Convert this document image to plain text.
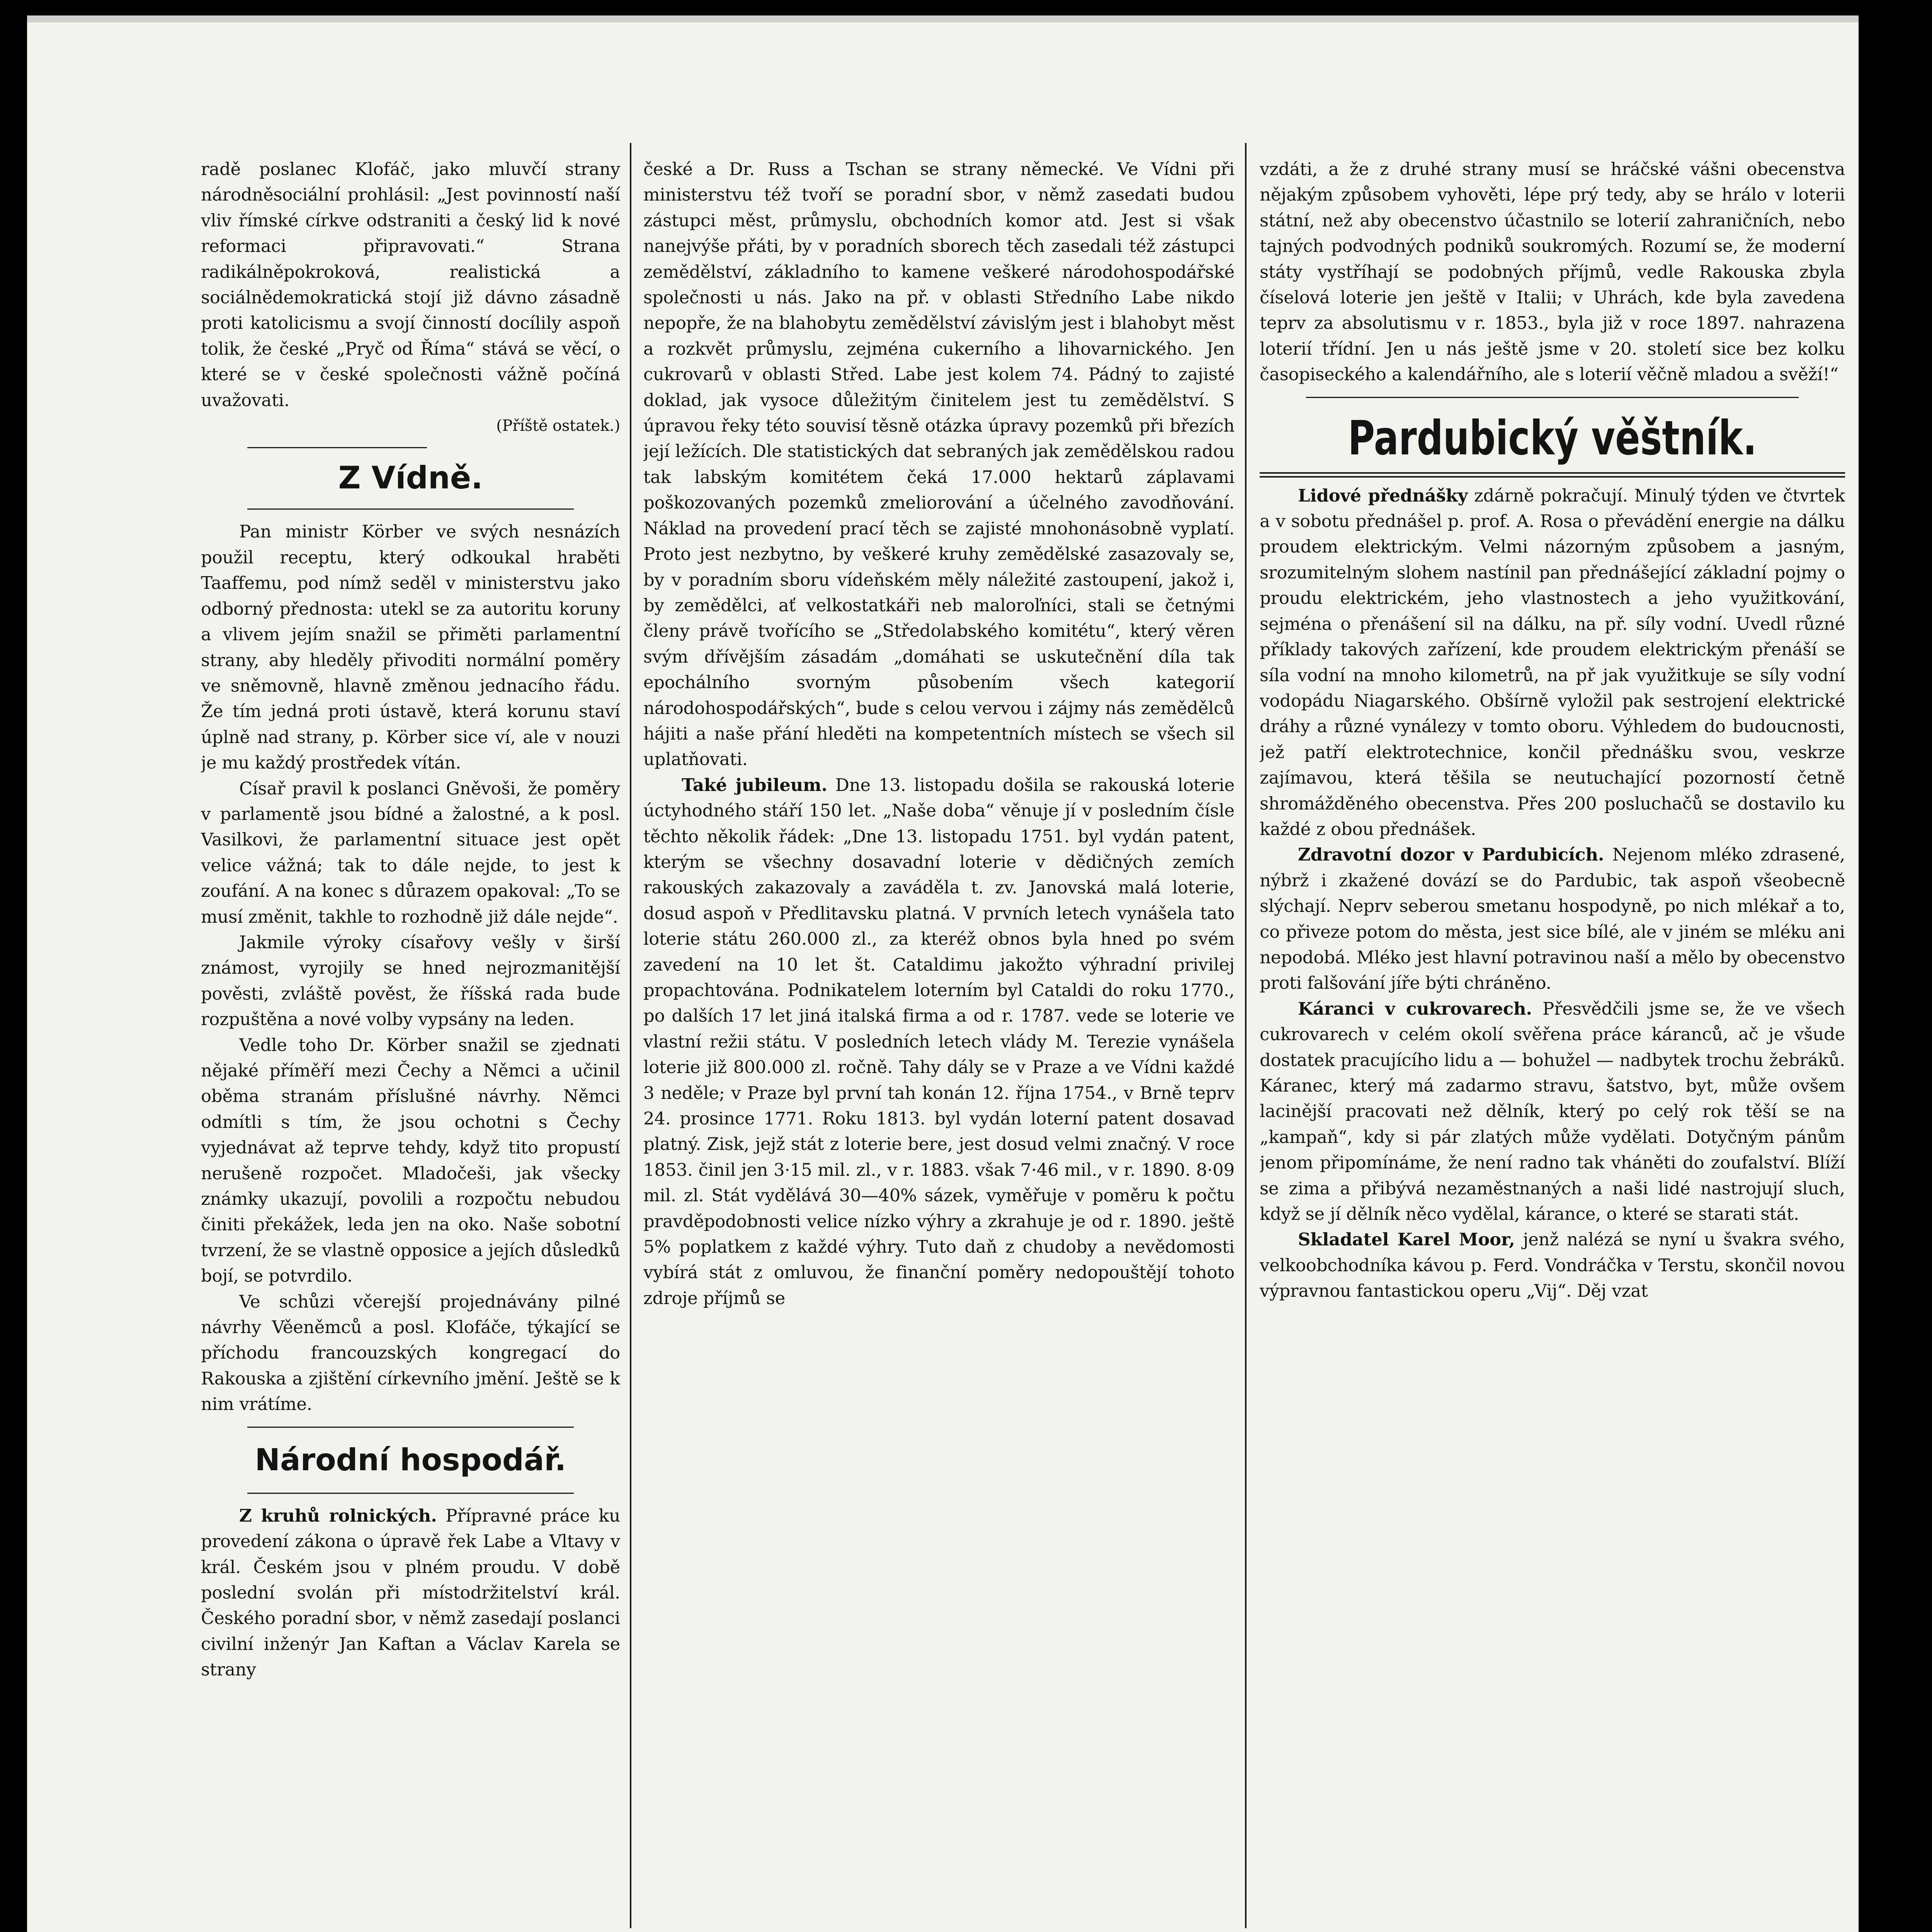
radě poslanec Klofáč, jako mluvčí strany národněsociální prohlásil: „Jest povinností naší vliv římské církve odstraniti a český lid k nové reformaci připravovati.“ Strana radikálněpokroková, realistická a sociálnědemokratická stojí již dávno zásadně proti katolicismu a svojí činností docílily aspoň tolik, že české „Pryč od Říma“ stává se věcí, o které se v české společnosti vážně počíná uvažovati.

(Příště ostatek.)

Z Vídně.

Pan ministr Körber ve svých nesnázích použil receptu, který odkoukal hraběti Taaffemu, pod nímž seděl v ministerstvu jako odborný přednosta: utekl se za autoritu koruny a vlivem jejím snažil se přiměti parlamentní strany, aby hleděly přivoditi normální poměry ve sněmovně, hlavně změnou jednacího řádu. Že tím jedná proti ústavě, která korunu staví úplně nad strany, p. Körber sice ví, ale v nouzi je mu každý prostředek vítán.

Císař pravil k poslanci Gněvoši, že poměry v parlamentě jsou bídné a žalostné, a k posl. Vasilkovi, že parlamentní situace jest opět velice vážná; tak to dále nejde, to jest k zoufání. A na konec s důrazem opakoval: „To se musí změnit, takhle to rozhodně již dále nejde“.

Jakmile výroky císařovy vešly v širší známost, vyrojily se hned nejrozmanitější pověsti, zvláště pověst, že říšská rada bude rozpuštěna a nové volby vypsány na leden.

Vedle toho Dr. Körber snažil se zjednati nějaké příměří mezi Čechy a Němci a učinil oběma stranám příslušné návrhy. Němci odmítli s tím, že jsou ochotni s Čechy vyjednávat až teprve tehdy, když tito propustí nerušeně rozpočet. Mladočeši, jak všecky známky ukazují, povolili a rozpočtu nebudou činiti překážek, leda jen na oko. Naše sobotní tvrzení, že se vlastně opposice a jejích důsledků bojí, se potvrdilo.

Ve schůzi včerejší projednávány pilné návrhy Věeněmců a posl. Klofáče, týkající se příchodu francouzských kongregací do Rakouska a zjištění církevního jmění. Ještě se k nim vrátíme.

Národní hospodář.

Z kruhů rolnických. Přípravné práce ku provedení zákona o úpravě řek Labe a Vltavy v král. Českém jsou v plném proudu. V době poslední svolán při místodržitelství král. Českého poradní sbor, v němž zasedají poslanci civilní inženýr Jan Kaftan a Václav Karela se strany

české a Dr. Russ a Tschan se strany německé. Ve Vídni při ministerstvu též tvoří se poradní sbor, v němž zasedati budou zástupci měst, průmyslu, obchodních komor atd. Jest si však nanejvýše přáti, by v poradních sborech těch zasedali též zástupci zemědělství, základního to kamene veškeré národohospodářské společnosti u nás. Jako na př. v oblasti Středního Labe nikdo nepopře, že na blahobytu zemědělství závislým jest i blahobyt měst a rozkvět průmyslu, zejména cukerního a lihovarnického. Jen cukrovarů v oblasti Střed. Labe jest kolem 74. Pádný to zajisté doklad, jak vysoce důležitým činitelem jest tu zemědělství. S úpravou řeky této souvisí těsně otázka úpravy pozemků při březích její ležících. Dle statistických dat sebraných jak zemědělskou radou tak labským komitétem čeká 17.000 hektarů záplavami poškozovaných pozemků zmeliorování a účelného zavodňování. Náklad na provedení prací těch se zajisté mnohonásobně vyplatí. Proto jest nezbytno, by veškeré kruhy zemědělské zasazovaly se, by v poradním sboru vídeňském měly náležité zastoupení, jakož i, by zemědělci, ať velkostatkáři neb maloroľníci, stali se četnými členy právě tvořícího se „Středolabského komitétu“, který věren svým dřívějším zásadám „domáhati se uskutečnění díla tak epochálního svorným působením všech kategorií národohospodářských“, bude s celou vervou i zájmy nás zemědělců hájiti a naše přání hleděti na kompetentních místech se všech sil uplatňovati.

Také jubileum. Dne 13. listopadu došila se rakouská loterie úctyhodného stáří 150 let. „Naše doba“ věnuje jí v posledním čísle těchto několik řádek: „Dne 13. listopadu 1751. byl vydán patent, kterým se všechny dosavadní loterie v dědičných zemích rakouských zakazovaly a zaváděla t. zv. Janovská malá loterie, dosud aspoň v Předlitavsku platná. V prvních letech vynášela tato loterie státu 260.000 zl., za kteréž obnos byla hned po svém zavedení na 10 let št. Cataldimu jakožto výhradní privilej propachtována. Podnikatelem loterním byl Cataldi do roku 1770., po dalších 17 let jiná italská firma a od r. 1787. vede se loterie ve vlastní režii státu. V posledních letech vlády M. Terezie vynášela loterie již 800.000 zl. ročně. Tahy dály se v Praze a ve Vídni každé 3 neděle; v Praze byl první tah konán 12. října 1754., v Brně teprv 24. prosince 1771. Roku 1813. byl vydán loterní patent dosavad platný. Zisk, jejž stát z loterie bere, jest dosud velmi značný. V roce 1853. činil jen 3·15 mil. zl., v r. 1883. však 7·46 mil., v r. 1890. 8·09 mil. zl. Stát vydělává 30—40% sázek, vyměřuje v poměru k počtu pravděpodobnosti velice nízko výhry a zkrahuje je od r. 1890. ještě 5% poplatkem z každé výhry. Tuto daň z chudoby a nevědomosti vybírá stát z omluvou, že finanční poměry nedopouštějí tohoto zdroje příjmů se

vzdáti, a že z druhé strany musí se hráčské vášni obecenstva nějakým způsobem vyhověti, lépe prý tedy, aby se hrálo v loterii státní, než aby obecenstvo účastnilo se loterií zahraničních, nebo tajných podvodných podniků soukromých. Rozumí se, že moderní státy vystříhají se podobných příjmů, vedle Rakouska zbyla číselová loterie jen ještě v Italii; v Uhrách, kde byla zavedena teprv za absolutismu v r. 1853., byla již v roce 1897. nahrazena loterií třídní. Jen u nás ještě jsme v 20. století sice bez kolku časopiseckého a kalendářního, ale s loterií věčně mladou a svěží!“

Pardubický věštník.

Lidové přednášky zdárně pokračují. Minulý týden ve čtvrtek a v sobotu přednášel p. prof. A. Rosa o převádění energie na dálku proudem elektrickým. Velmi názorným způsobem a jasným, srozumitelným slohem nastínil pan přednášející základní pojmy o proudu elektrickém, jeho vlastnostech a jeho využitkování, sejména o přenášení sil na dálku, na př. síly vodní. Uvedl různé příklady takových zařízení, kde proudem elektrickým přenáší se síla vodní na mnoho kilometrů, na př jak využitkuje se síly vodní vodopádu Niagarského. Obšírně vyložil pak sestrojení elektrické dráhy a různé vynálezy v tomto oboru. Výhledem do budoucnosti, jež patří elektrotechnice, končil přednášku svou, veskrze zajímavou, která těšila se neutuchající pozorností četně shromážděného obecenstva. Přes 200 posluchačů se dostavilo ku každé z obou přednášek.

Zdravotní dozor v Pardubicích. Nejenom mléko zdrasené, nýbrž i zkažené dovází se do Pardubic, tak aspoň všeobecně slýchají. Neprv seberou smetanu hospodyně, po nich mlékař a to, co přiveze potom do města, jest sice bílé, ale v jiném se mléku ani nepodobá. Mléko jest hlavní potravinou naší a mělo by obecenstvo proti falšování jíře býti chráněno.

Káranci v cukrovarech. Přesvědčili jsme se, že ve všech cukrovarech v celém okolí svěřena práce káranců, ač je všude dostatek pracujícího lidu a — bohužel — nadbytek trochu žebráků. Káranec, který má zadarmo stravu, šatstvo, byt, může ovšem lacinější pracovati než dělník, který po celý rok těší se na „kampaň“, kdy si pár zlatých může vydělati. Dotyčným pánům jenom připomínáme, že není radno tak vháněti do zoufalství. Blíží se zima a přibývá nezaměstnaných a naši lidé nastrojují sluch, když se jí dělník něco vydělal, kárance, o které se starati stát.

Skladatel Karel Moor, jenž nalézá se nyní u švakra svého, velkoobchodníka kávou p. Ferd. Vondráčka v Terstu, skončil novou výpravnou fantastickou operu „Vij“. Děj vzat
